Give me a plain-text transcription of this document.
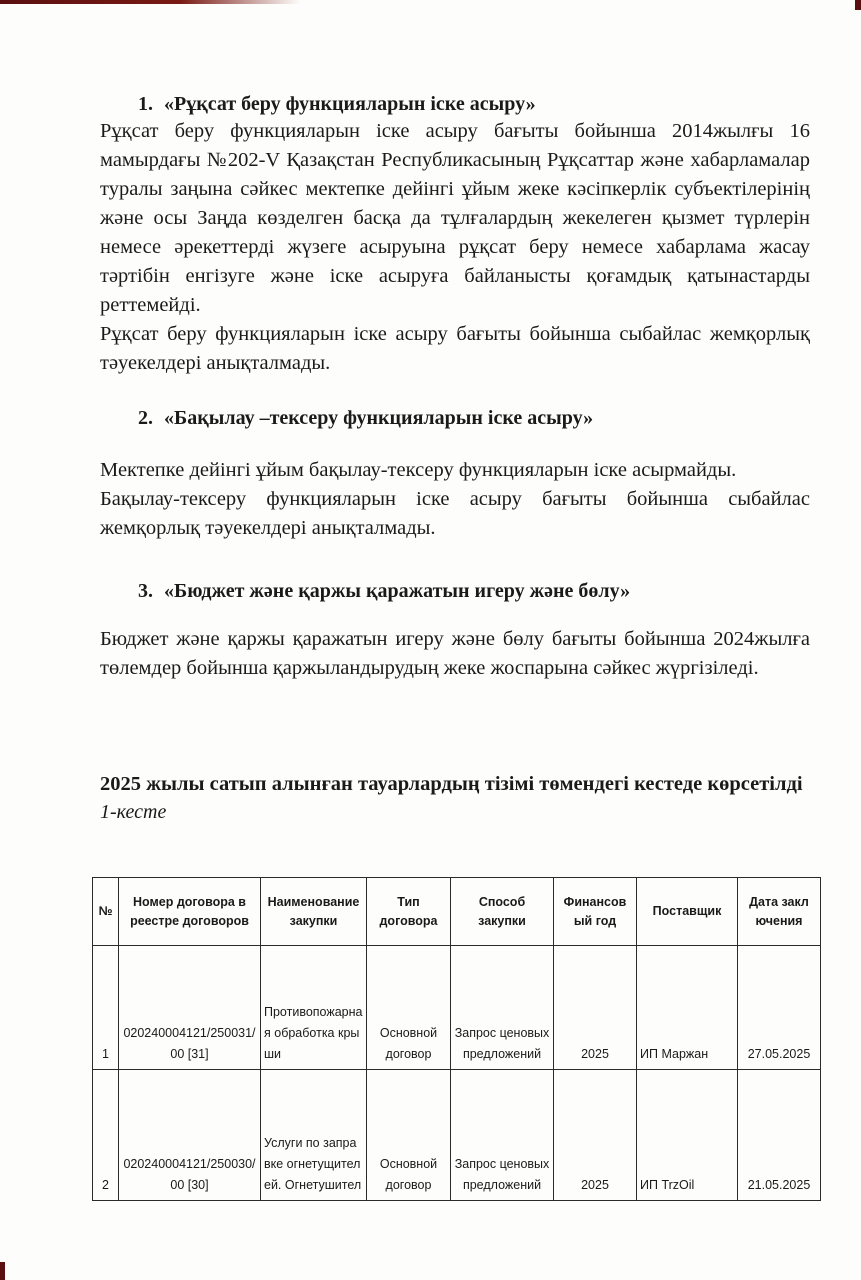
1. «Рұқсат беру функцияларын іске асыру»

Рұқсат беру функцияларын іске асыру бағыты бойынша 2014жылғы 16 мамырдағы №202-V Қазақстан Республикасының Рұқсаттар және хабарламалар туралы заңына сәйкес мектепке дейінгі ұйым жеке кәсіпкерлік субъектілерінің және осы Заңда көзделген басқа да тұлғалардың жекелеген қызмет түрлерін немесе әрекеттерді жүзеге асыруына рұқсат беру немесе хабарлама жасау тәртібін енгізуге және іске асыруға байланысты қоғамдық қатынастарды реттемейді.

Рұқсат беру функцияларын іске асыру бағыты бойынша сыбайлас жемқорлық тәуекелдері анықталмады.

2. «Бақылау –тексеру функцияларын іске асыру»

Мектепке дейінгі ұйым бақылау-тексеру функцияларын іске асырмайды.

Бақылау-тексеру функцияларын іске асыру бағыты бойынша сыбайлас жемқорлық тәуекелдері анықталмады.

3. «Бюджет және қаржы қаражатын игеру және бөлу»

Бюджет және қаржы қаражатын игеру және бөлу бағыты бойынша 2024жылға төлемдер бойынша қаржыландырудың жеке жоспарына сәйкес жүргізіледі.

2025 жылы сатып алынған тауарлардың тізімі төмендегі кестеде көрсетілді
1-кесте
№	Номер договора в реестре договоров	Наименование закупки	Тип договора	Способ закупки	Финансовый год	Поставщик	Дата заключения
1	020240004121/250031/00 [31]	Противопожарная обработка крыши	Основной договор	Запрос ценовых предложений	2025	ИП Маржан	27.05.2025
2	020240004121/250030/00 [30]	Услуги по заправке огнетущителей. Огнетушител	Основной договор	Запрос ценовых предложений	2025	ИП TrzOil	21.05.2025
